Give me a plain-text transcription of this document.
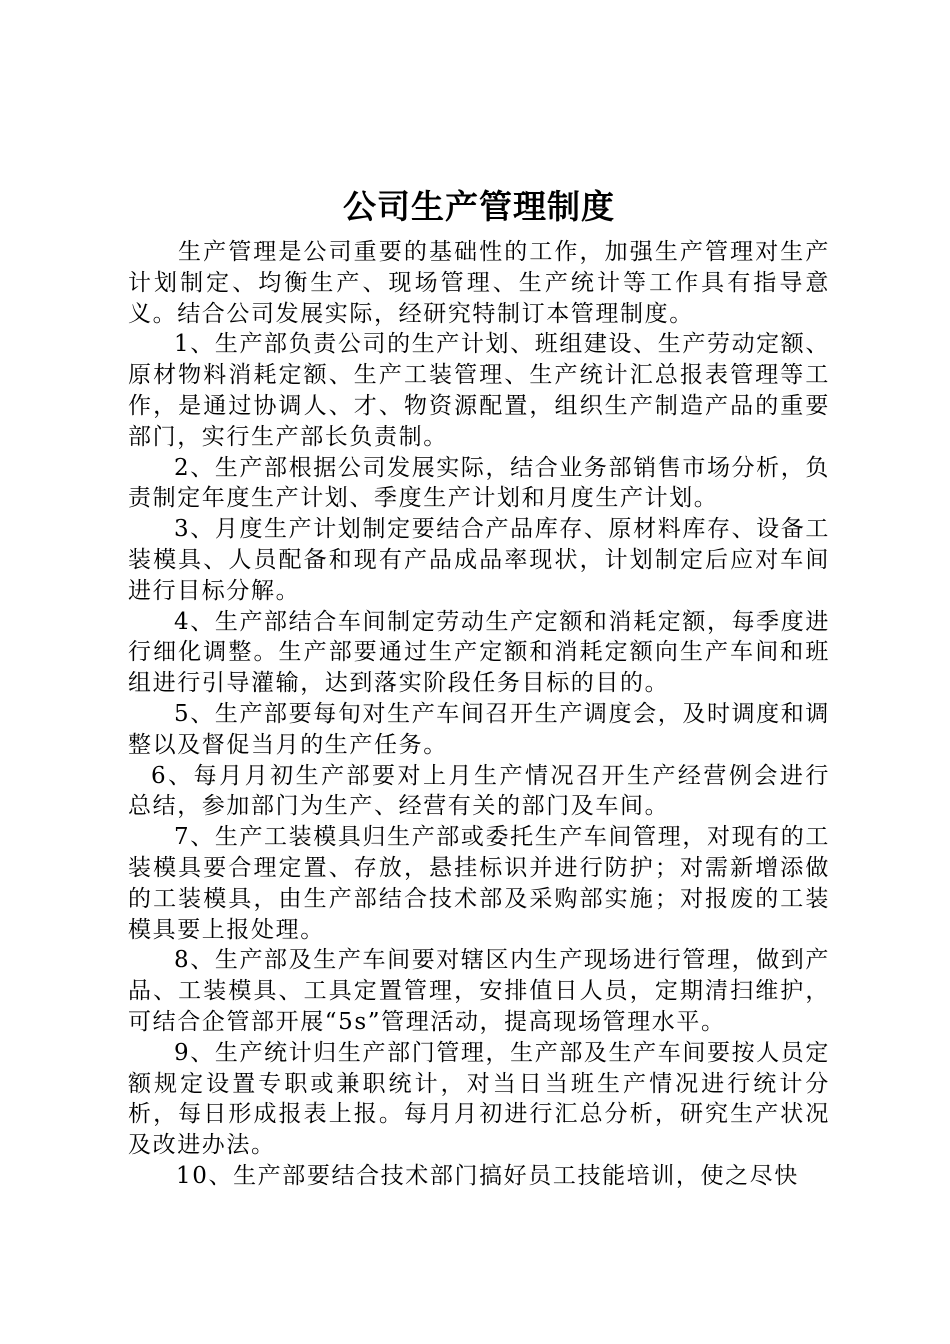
公司生产管理制度

生产管理是公司重要的基础性的工作，加强生产管理对生产计划制定、均衡生产、现场管理、生产统计等工作具有指导意义。结合公司发展实际，经研究特制订本管理制度。

1、生产部负责公司的生产计划、班组建设、生产劳动定额、原材物料消耗定额、生产工装管理、生产统计汇总报表管理等工作，是通过协调人、才、物资源配置，组织生产制造产品的重要部门，实行生产部长负责制。

2、生产部根据公司发展实际，结合业务部销售市场分析，负责制定年度生产计划、季度生产计划和月度生产计划。

3、月度生产计划制定要结合产品库存、原材料库存、设备工装模具、人员配备和现有产品成品率现状，计划制定后应对车间进行目标分解。

4、生产部结合车间制定劳动生产定额和消耗定额，每季度进行细化调整。生产部要通过生产定额和消耗定额向生产车间和班组进行引导灌输，达到落实阶段任务目标的目的。

5、生产部要每旬对生产车间召开生产调度会，及时调度和调整以及督促当月的生产任务。

6、每月月初生产部要对上月生产情况召开生产经营例会进行总结，参加部门为生产、经营有关的部门及车间。

7、生产工装模具归生产部或委托生产车间管理，对现有的工装模具要合理定置、存放，悬挂标识并进行防护；对需新增添做的工装模具，由生产部结合技术部及采购部实施；对报废的工装模具要上报处理。

8、生产部及生产车间要对辖区内生产现场进行管理，做到产品、工装模具、工具定置管理，安排值日人员，定期清扫维护，可结合企管部开展“5s”管理活动，提高现场管理水平。

9、生产统计归生产部门管理，生产部及生产车间要按人员定额规定设置专职或兼职统计，对当日当班生产情况进行统计分析，每日形成报表上报。每月月初进行汇总分析，研究生产状况及改进办法。

10、生产部要结合技术部门搞好员工技能培训，使之尽快
